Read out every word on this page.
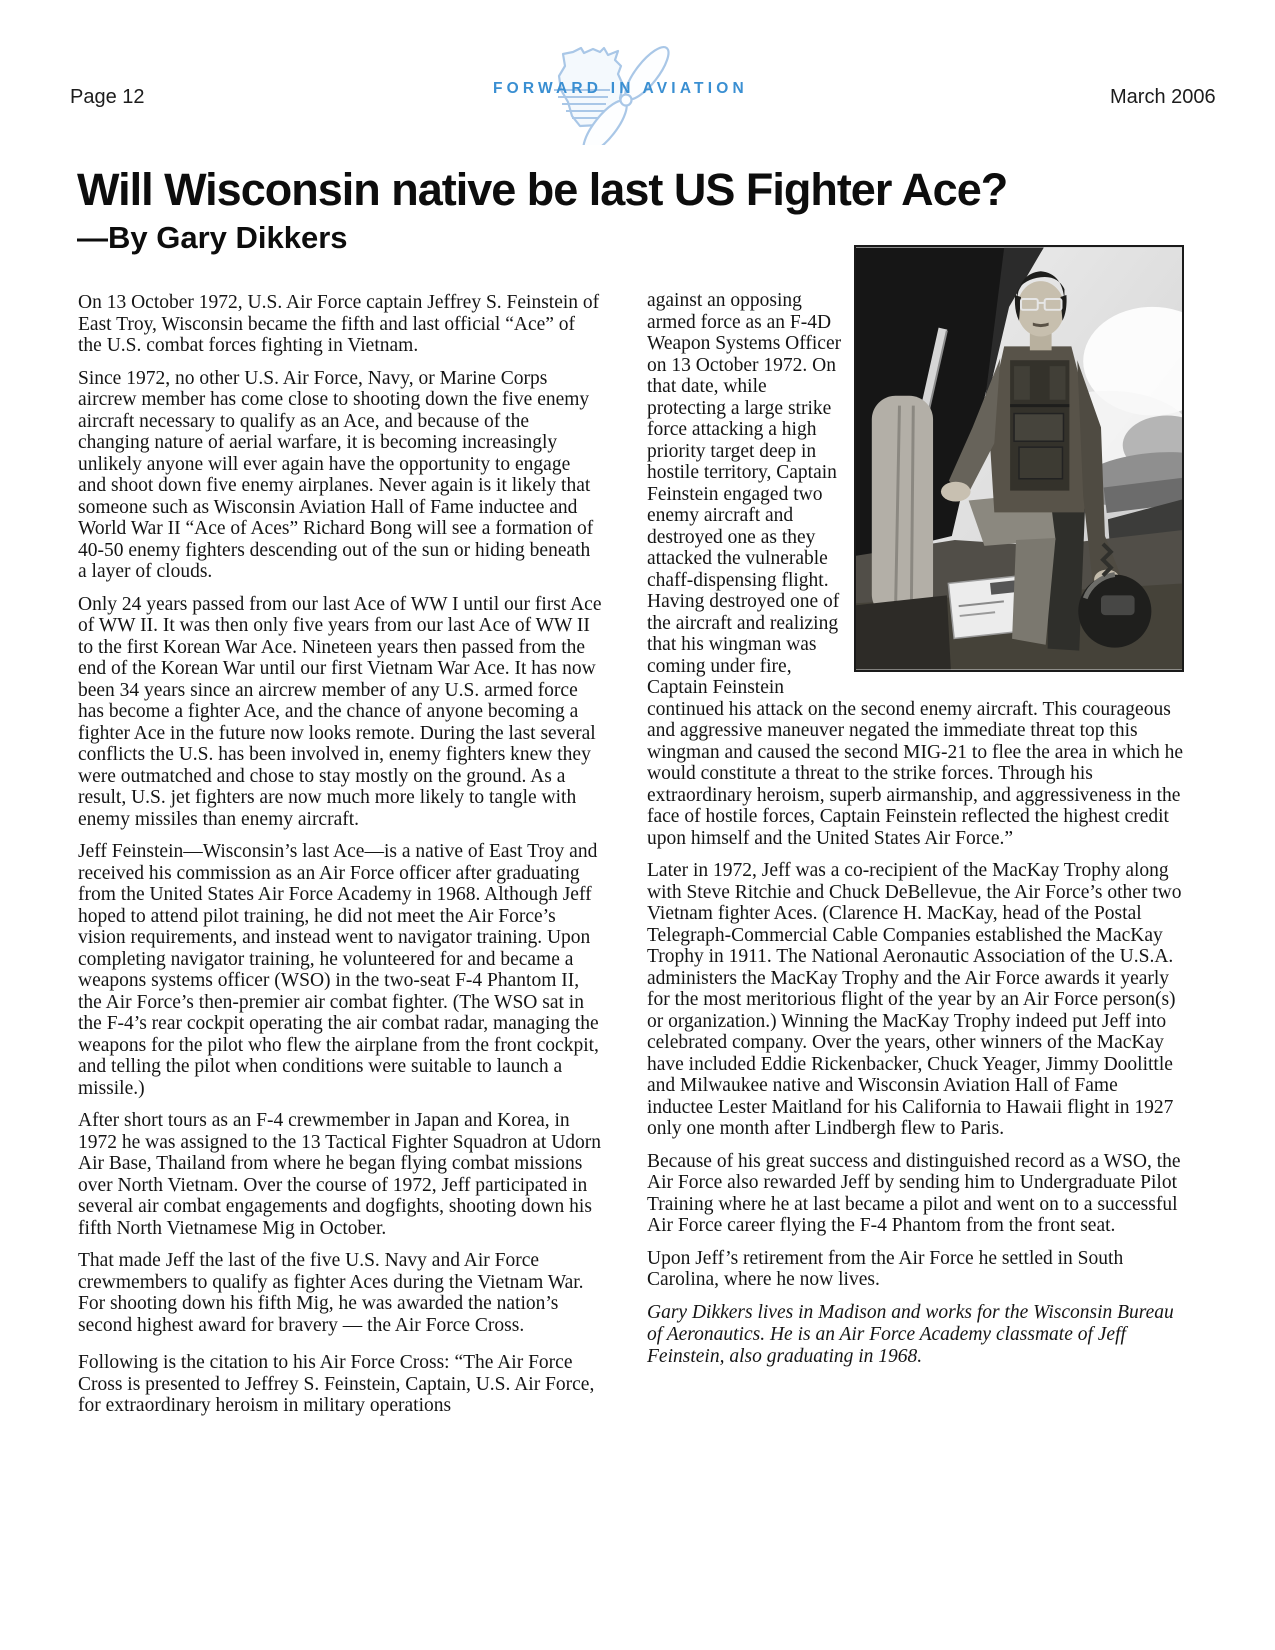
Page 12	March 2006
FORWARD IN AVIATION
Will Wisconsin native be last US Fighter Ace?
—By Gary Dikkers

On 13 October 1972, U.S. Air Force captain Jeffrey S. Feinstein of East Troy, Wisconsin became the fifth and last official “Ace” of the U.S. combat forces fighting in Vietnam.

Since 1972, no other U.S. Air Force, Navy, or Marine Corps aircrew member has come close to shooting down the five enemy aircraft necessary to qualify as an Ace, and because of the changing nature of aerial warfare, it is becoming increasingly unlikely anyone will ever again have the opportunity to engage and shoot down five enemy airplanes. Never again is it likely that someone such as Wisconsin Aviation Hall of Fame inductee and World War II “Ace of Aces” Richard Bong will see a formation of 40-50 enemy fighters descending out of the sun or hiding beneath a layer of clouds.

Only 24 years passed from our last Ace of WW I until our first Ace of WW II. It was then only five years from our last Ace of WW II to the first Korean War Ace. Nineteen years then passed from the end of the Korean War until our first Vietnam War Ace. It has now been 34 years since an aircrew member of any U.S. armed force has become a fighter Ace, and the chance of anyone becoming a fighter Ace in the future now looks remote. During the last several conflicts the U.S. has been involved in, enemy fighters knew they were outmatched and chose to stay mostly on the ground. As a result, U.S. jet fighters are now much more likely to tangle with enemy missiles than enemy aircraft.

Jeff Feinstein—Wisconsin’s last Ace—is a native of East Troy and received his commission as an Air Force officer after graduating from the United States Air Force Academy in 1968. Although Jeff hoped to attend pilot training, he did not meet the Air Force’s vision requirements, and instead went to navigator training. Upon completing navigator training, he volunteered for and became a weapons systems officer (WSO) in the two-seat F-4 Phantom II, the Air Force’s then-premier air combat fighter. (The WSO sat in the F-4’s rear cockpit operating the air combat radar, managing the weapons for the pilot who flew the airplane from the front cockpit, and telling the pilot when conditions were suitable to launch a missile.)

After short tours as an F-4 crewmember in Japan and Korea, in 1972 he was assigned to the 13 Tactical Fighter Squadron at Udorn Air Base, Thailand from where he began flying combat missions over North Vietnam. Over the course of 1972, Jeff participated in several air combat engagements and dogfights, shooting down his fifth North Vietnamese Mig in October.

That made Jeff the last of the five U.S. Navy and Air Force crewmembers to qualify as fighter Aces during the Vietnam War. For shooting down his fifth Mig, he was awarded the nation’s second highest award for bravery — the Air Force Cross.

Following is the citation to his Air Force Cross: “The Air Force Cross is presented to Jeffrey S. Feinstein, Captain, U.S. Air Force, for extraordinary heroism in military operations

against an opposing armed force as an F-4D Weapon Systems Officer on 13 October 1972. On that date, while protecting a large strike force attacking a high priority target deep in hostile territory, Captain Feinstein engaged two enemy aircraft and destroyed one as they attacked the vulnerable chaff-dispensing flight. Having destroyed one of the aircraft and realizing that his wingman was coming under fire, Captain Feinstein continued his attack on the second enemy aircraft. This courageous and aggressive maneuver negated the immediate threat top this wingman and caused the second MIG-21 to flee the area in which he would constitute a threat to the strike forces. Through his extraordinary heroism, superb airmanship, and aggressiveness in the face of hostile forces, Captain Feinstein reflected the highest credit upon himself and the United States Air Force.”

Later in 1972, Jeff was a co-recipient of the MacKay Trophy along with Steve Ritchie and Chuck DeBellevue, the Air Force’s other two Vietnam fighter Aces. (Clarence H. MacKay, head of the Postal Telegraph-Commercial Cable Companies established the MacKay Trophy in 1911. The National Aeronautic Association of the U.S.A. administers the MacKay Trophy and the Air Force awards it yearly for the most meritorious flight of the year by an Air Force person(s) or organization.) Winning the MacKay Trophy indeed put Jeff into celebrated company. Over the years, other winners of the MacKay have included Eddie Rickenbacker, Chuck Yeager, Jimmy Doolittle and Milwaukee native and Wisconsin Aviation Hall of Fame inductee Lester Maitland for his California to Hawaii flight in 1927 only one month after Lindbergh flew to Paris.

Because of his great success and distinguished record as a WSO, the Air Force also rewarded Jeff by sending him to Undergraduate Pilot Training where he at last became a pilot and went on to a successful Air Force career flying the F-4 Phantom from the front seat.

Upon Jeff’s retirement from the Air Force he settled in South Carolina, where he now lives.

Gary Dikkers lives in Madison and works for the Wisconsin Bureau of Aeronautics. He is an Air Force Academy classmate of Jeff Feinstein, also graduating in 1968.
